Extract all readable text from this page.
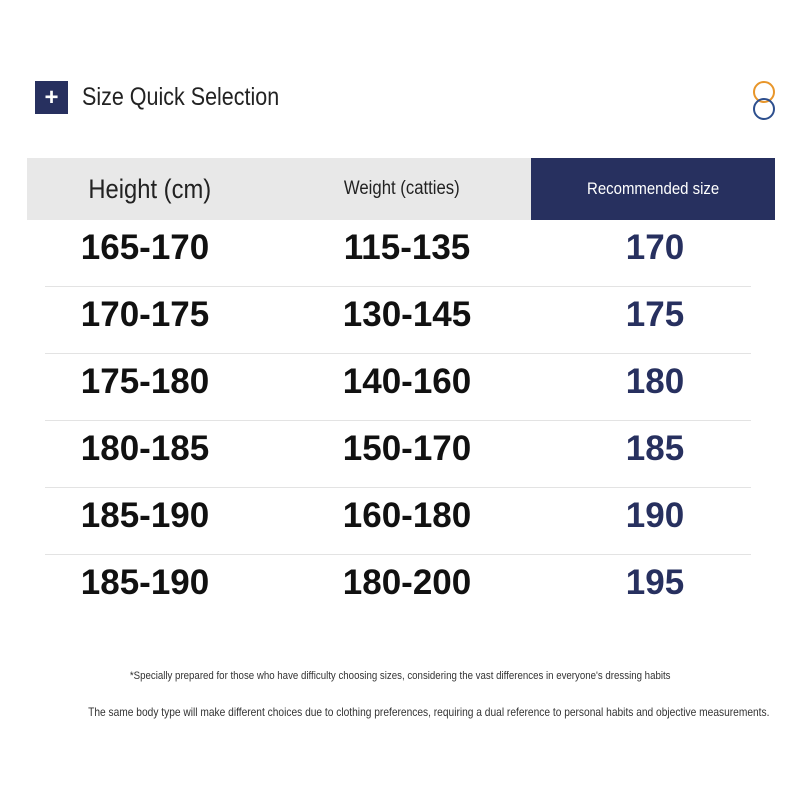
+ Size Quick Selection
Height (cm)	Weight (catties)	Recommended size
165-170	115-135	170
170-175	130-145	175
175-180	140-160	180
180-185	150-170	185
185-190	160-180	190
185-190	180-200	195
*Specially prepared for those who have difficulty choosing sizes, considering the vast differences in everyone's dressing habits
The same body type will make different choices due to clothing preferences, requiring a dual reference to personal habits and objective measurements.
